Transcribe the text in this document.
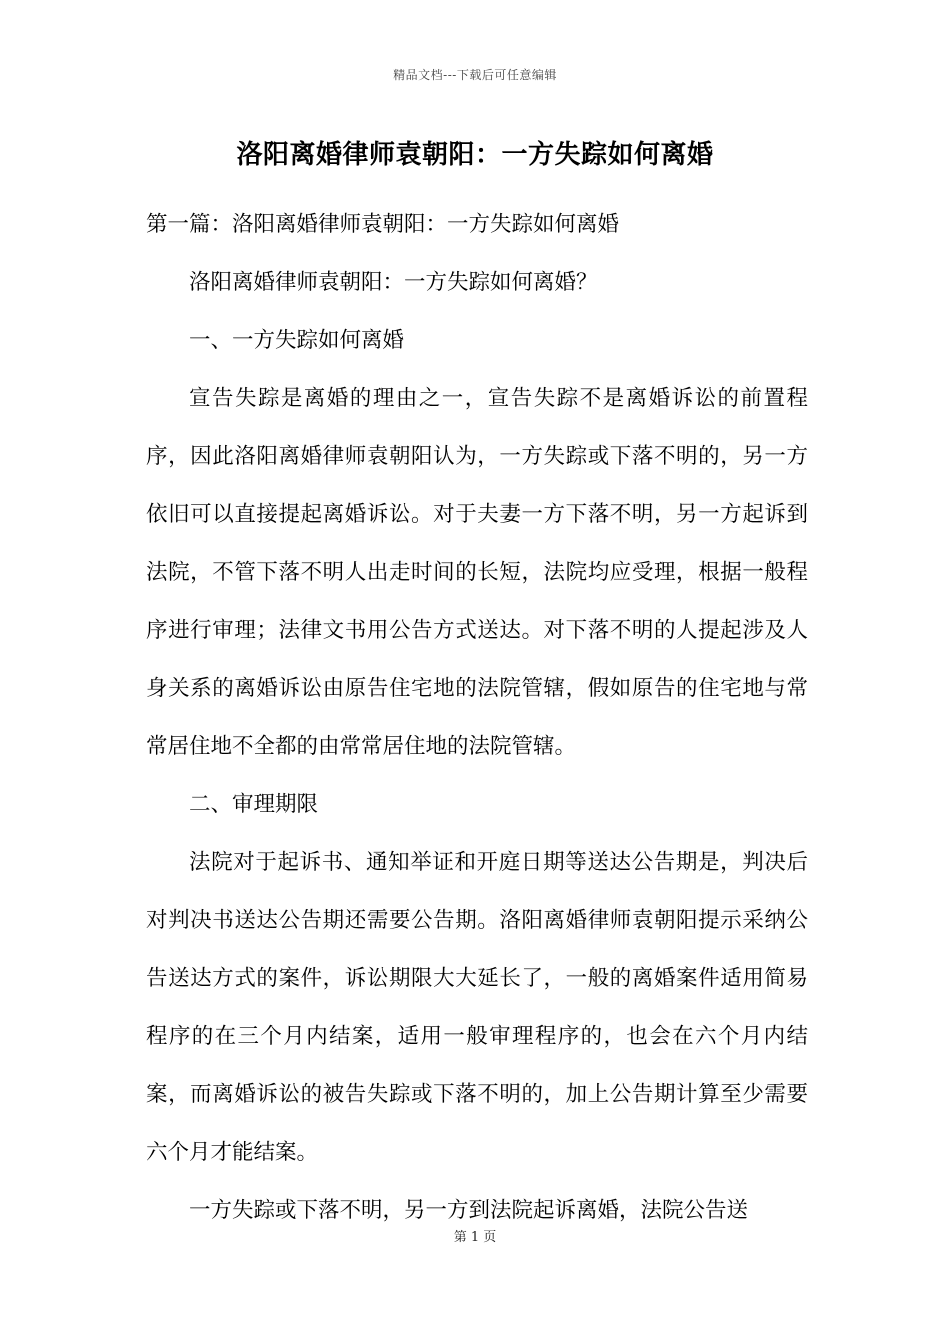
精品文档---下载后可任意编辑
洛阳离婚律师袁朝阳：一方失踪如何离婚

第一篇：洛阳离婚律师袁朝阳：一方失踪如何离婚

洛阳离婚律师袁朝阳：一方失踪如何离婚？

一、一方失踪如何离婚

宣告失踪是离婚的理由之一，宣告失踪不是离婚诉讼的前置程序，因此洛阳离婚律师袁朝阳认为，一方失踪或下落不明的，另一方依旧可以直接提起离婚诉讼。对于夫妻一方下落不明，另一方起诉到法院，不管下落不明人出走时间的长短，法院均应受理，根据一般程序进行审理；法律文书用公告方式送达。对下落不明的人提起涉及人身关系的离婚诉讼由原告住宅地的法院管辖，假如原告的住宅地与常常居住地不全都的由常常居住地的法院管辖。

二、审理期限

法院对于起诉书、通知举证和开庭日期等送达公告期是，判决后对判决书送达公告期还需要公告期。洛阳离婚律师袁朝阳提示采纳公告送达方式的案件，诉讼期限大大延长了，一般的离婚案件适用简易程序的在三个月内结案，适用一般审理程序的，也会在六个月内结案，而离婚诉讼的被告失踪或下落不明的，加上公告期计算至少需要六个月才能结案。

一方失踪或下落不明，另一方到法院起诉离婚，法院公告送

第 1 页
